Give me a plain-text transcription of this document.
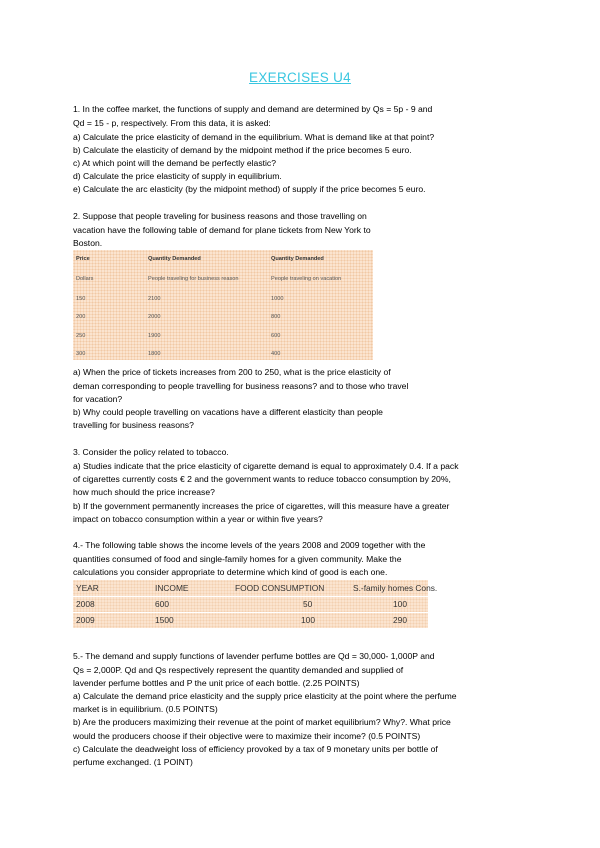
EXERCISES U4
1. In the coffee market, the functions of supply and demand are determined by Qs = 5p - 9 and
Qd = 15 - p, respectively. From this data, it is asked:
a) Calculate the price elasticity of demand in the equilibrium. What is demand like at that point?
b) Calculate the elasticity of demand by the midpoint method if the price becomes 5 euro.
c) At which point will the demand be perfectly elastic?
d) Calculate the price elasticity of supply in equilibrium.
e) Calculate the arc elasticity (by the midpoint method) of supply if the price becomes 5 euro.
2. Suppose that people traveling for business reasons and those travelling on
vacation have the following table of demand for plane tickets from New York to
Boston.
Price	Quantity Demanded	Quantity Demanded
Dollars	People traveling for business reason	People traveling on vacation
150	2100	1000
200	2000	800
250	1900	600
300	1800	400
a) When the price of tickets increases from 200 to 250, what is the price elasticity of
deman corresponding to people travelling for business reasons? and to those who travel
for vacation?
b) Why could people travelling on vacations have a different elasticity than people
travelling for business reasons?
3. Consider the policy related to tobacco.
a) Studies indicate that the price elasticity of cigarette demand is equal to approximately 0.4. If a pack
of cigarettes currently costs € 2 and the government wants to reduce tobacco consumption by 20%,
how much should the price increase?
b) If the government permanently increases the price of cigarettes, will this measure have a greater
impact on tobacco consumption within a year or within five years?
4.- The following table shows the income levels of the years 2008 and 2009 together with the
quantities consumed of food and single-family homes for a given community. Make the
calculations you consider appropriate to determine which kind of good is each one.
YEAR	INCOME	FOOD CONSUMPTION	S.-family homes Cons.
2008	600	50	100
2009	1500	100	290
5.- The demand and supply functions of lavender perfume bottles are Qd = 30,000- 1,000P and
Qs = 2,000P. Qd and Qs respectively represent the quantity demanded and supplied of
lavender perfume bottles and P the unit price of each bottle. (2.25 POINTS)
a) Calculate the demand price elasticity and the supply price elasticity at the point where the perfume
market is in equilibrium. (0.5 POINTS)
b) Are the producers maximizing their revenue at the point of market equilibrium? Why?. What price
would the producers choose if their objective were to maximize their income? (0.5 POINTS)
c) Calculate the deadweight loss of efficiency provoked by a tax of 9 monetary units per bottle of
perfume exchanged. (1 POINT)
